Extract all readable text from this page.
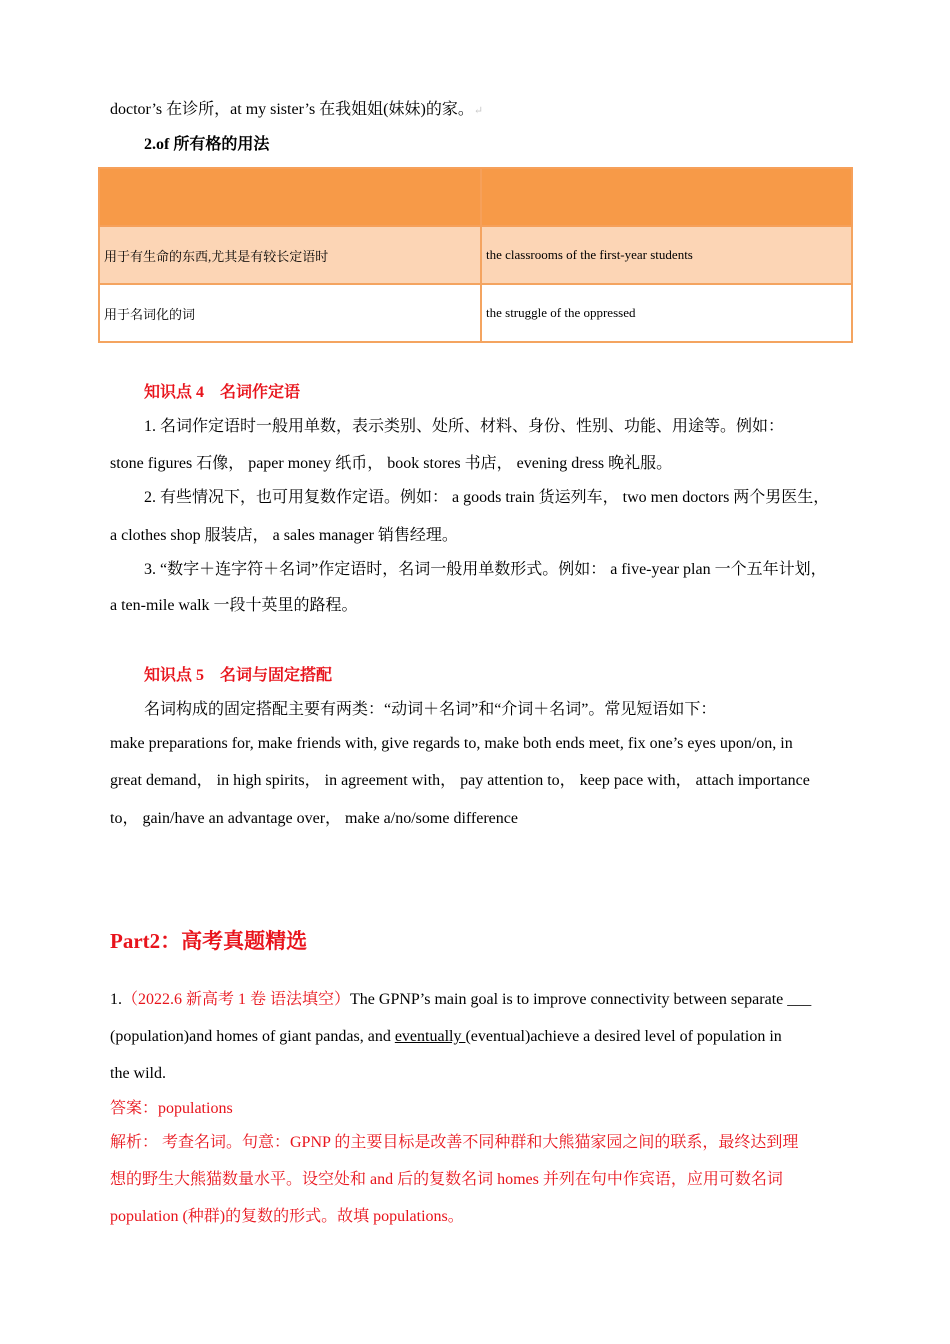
doctor’s 在诊所，at my sister’s 在我姐姐(妹妹)的家。↵
2.of 所有格的用法

用于有生命的东西,尤其是有较长定语时	the classrooms of the first-year students
用于名词化的词	the struggle of the oppressed
知识点 4　名词作定语
1. 名词作定语时一般用单数，表示类别、处所、材料、身份、性别、功能、用途等。例如：
stone figures 石像， paper money 纸币， book stores 书店， evening dress 晚礼服。
2. 有些情况下，也可用复数作定语。例如： a goods train 货运列车， two men doctors 两个男医生，
a clothes shop 服装店， a sales manager 销售经理。
3. “数字＋连字符＋名词”作定语时，名词一般用单数形式。例如： a five-year plan 一个五年计划，
a ten-mile walk 一段十英里的路程。
知识点 5　名词与固定搭配
名词构成的固定搭配主要有两类：“动词＋名词”和“介词＋名词”。常见短语如下：
make preparations for, make friends with, give regards to, make both ends meet, fix one’s eyes upon/on, in
great demand， in high spirits， in agreement with， pay attention to， keep pace with， attach importance
to， gain/have an advantage over， make a/no/some difference
Part2：高考真题精选
1.（2022.6 新高考 1 卷 语法填空）The GPNP’s main goal is to improve connectivity between separate ___
(population)and homes of giant pandas, and eventually (eventual)achieve a desired level of population in
the wild.
答案：populations
解析： 考查名词。句意：GPNP 的主要目标是改善不同种群和大熊猫家园之间的联系，最终达到理
想的野生大熊猫数量水平。设空处和 and 后的复数名词 homes 并列在句中作宾语，应用可数名词
population (种群)的复数的形式。故填 populations。
